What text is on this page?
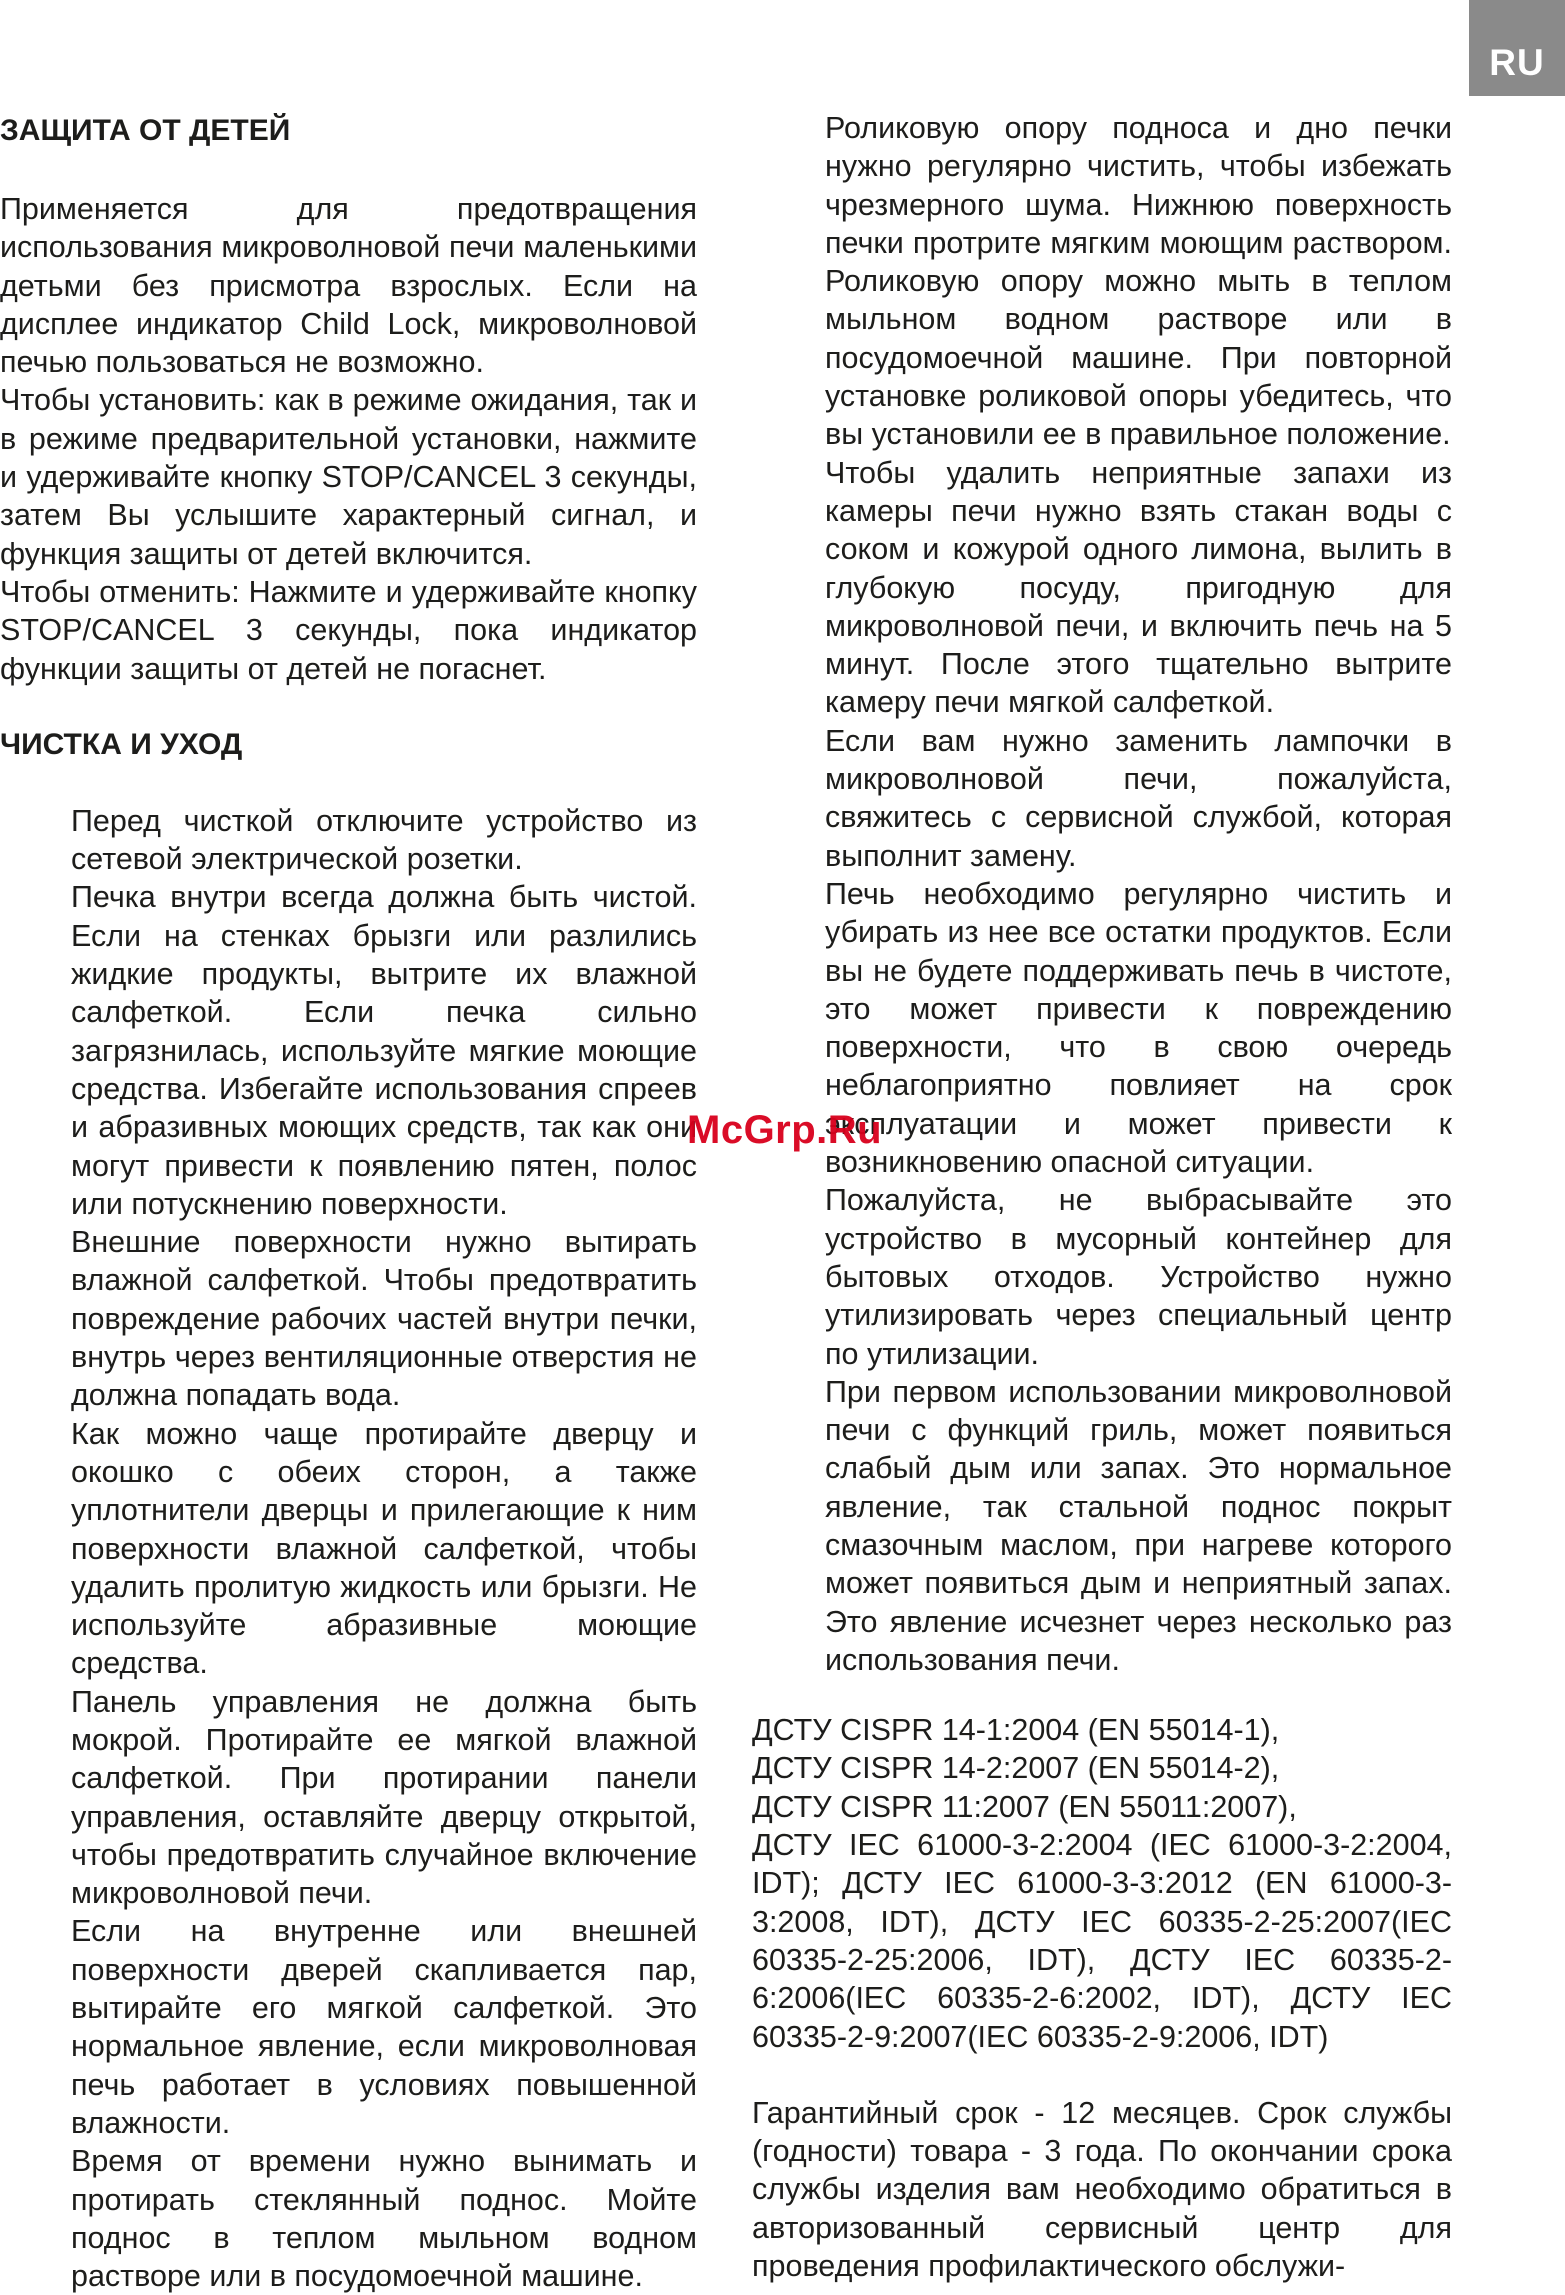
RU
ЗАЩИТА ОТ ДЕТЕЙ

Применяется для предотвращения использования микроволновой печи маленькими детьми без присмотра взрослых. Если на дисплее индикатор Child Lock, микроволновой печью пользоваться не возможно.

Чтобы установить: как в режиме ожидания, так и в режиме предварительной установки, нажмите и удерживайте кнопку STOP/CANCEL 3 секунды, затем Вы услышите характерный сигнал, и функция защиты от детей включится.

Чтобы отменить: Нажмите и удерживайте кнопку STOP/CANCEL 3 секунды, пока индикатор функции защиты от детей не погаснет.

ЧИСТКА И УХОД

Перед чисткой отключите устройство из сетевой электрической розетки.

Печка внутри всегда должна быть чистой. Если на стенках брызги или разлились жидкие продукты, вытрите их влажной салфеткой. Если печка сильно загрязнилась, используйте мягкие моющие средства. Избегайте использования спреев и абразивных моющих средств, так как они могут привести к появлению пятен, полос или потускнению поверхности.

Внешние поверхности нужно вытирать влажной салфеткой. Чтобы предотвратить повреждение рабочих частей внутри печки, внутрь через вентиляционные отверстия не должна попадать вода.

Как можно чаще протирайте дверцу и окошко с обеих сторон, а также уплотнители дверцы и прилегающие к ним поверхности влажной салфеткой, чтобы удалить пролитую жидкость или брызги. Не используйте абразивные моющие средства.

Панель управления не должна быть мокрой. Протирайте ее мягкой влажной салфеткой. При протирании панели управления, оставляйте дверцу открытой, чтобы предотвратить случайное включение микроволновой печи.

Если на внутренне или внешней поверхности дверей скапливается пар, вытирайте его мягкой салфеткой. Это нормальное явление, если микроволновая печь работает в условиях повышенной влажности.

Время от времени нужно вынимать и протирать стеклянный поднос. Мойте поднос в теплом мыльном водном растворе или в посудомоечной машине.

Роликовую опору подноса и дно печки нужно регулярно чистить, чтобы избежать чрезмерного шума. Нижнюю поверхность печки протрите мягким моющим раствором. Роликовую опору можно мыть в теплом мыльном водном растворе или в посудомоечной машине. При повторной установке роликовой опоры убедитесь, что вы установили ее в правильное положение.

Чтобы удалить неприятные запахи из камеры печи нужно взять стакан воды с соком и кожурой одного лимона, вылить в глубокую посуду, пригодную для микроволновой печи, и включить печь на 5 минут. После этого тщательно вытрите камеру печи мягкой салфеткой.

Если вам нужно заменить лампочки в микроволновой печи, пожалуйста, свяжитесь с сервисной службой, которая выполнит замену.

Печь необходимо регулярно чистить и убирать из нее все остатки продуктов. Если вы не будете поддерживать печь в чистоте, это может привести к повреждению поверхности, что в свою очередь неблагоприятно повлияет на срок эксплуатации и может привести к возникновению опасной ситуации.

Пожалуйста, не выбрасывайте это устройство в мусорный контейнер для бытовых отходов. Устройство нужно утилизировать через специальный центр по утилизации.

При первом использовании микроволновой печи с функций гриль, может появиться слабый дым или запах. Это нормальное явление, так стальной поднос покрыт смазочным маслом, при нагреве которого может появиться дым и неприятный запах. Это явление исчезнет через несколько раз использования печи.

ДСТУ CISPR 14-1:2004 (EN 55014-1),

ДСТУ CISPR 14-2:2007 (EN 55014-2),

ДСТУ CISPR 11:2007 (EN 55011:2007),

ДСТУ IEC 61000-3-2:2004 (IEC 61000-3-2:2004, IDT); ДСТУ IEC 61000-3-3:2012 (EN 61000-3-3:2008, IDT), ДСТУ IEC 60335-2-25:2007(IEC 60335-2-25:2006, IDT), ДСТУ IEC 60335-2-6:2006(IEC 60335-2-6:2002, IDT), ДСТУ IEC 60335-2-9:2007(IEC 60335-2-9:2006, IDT)

Гарантийный срок - 12 месяцев. Срок службы (годности) товара - 3 года. По окончании срока службы изделия вам необходимо обратиться в авторизованный сервисный центр для проведения профилактического обслужи-

McGrp.Ru
